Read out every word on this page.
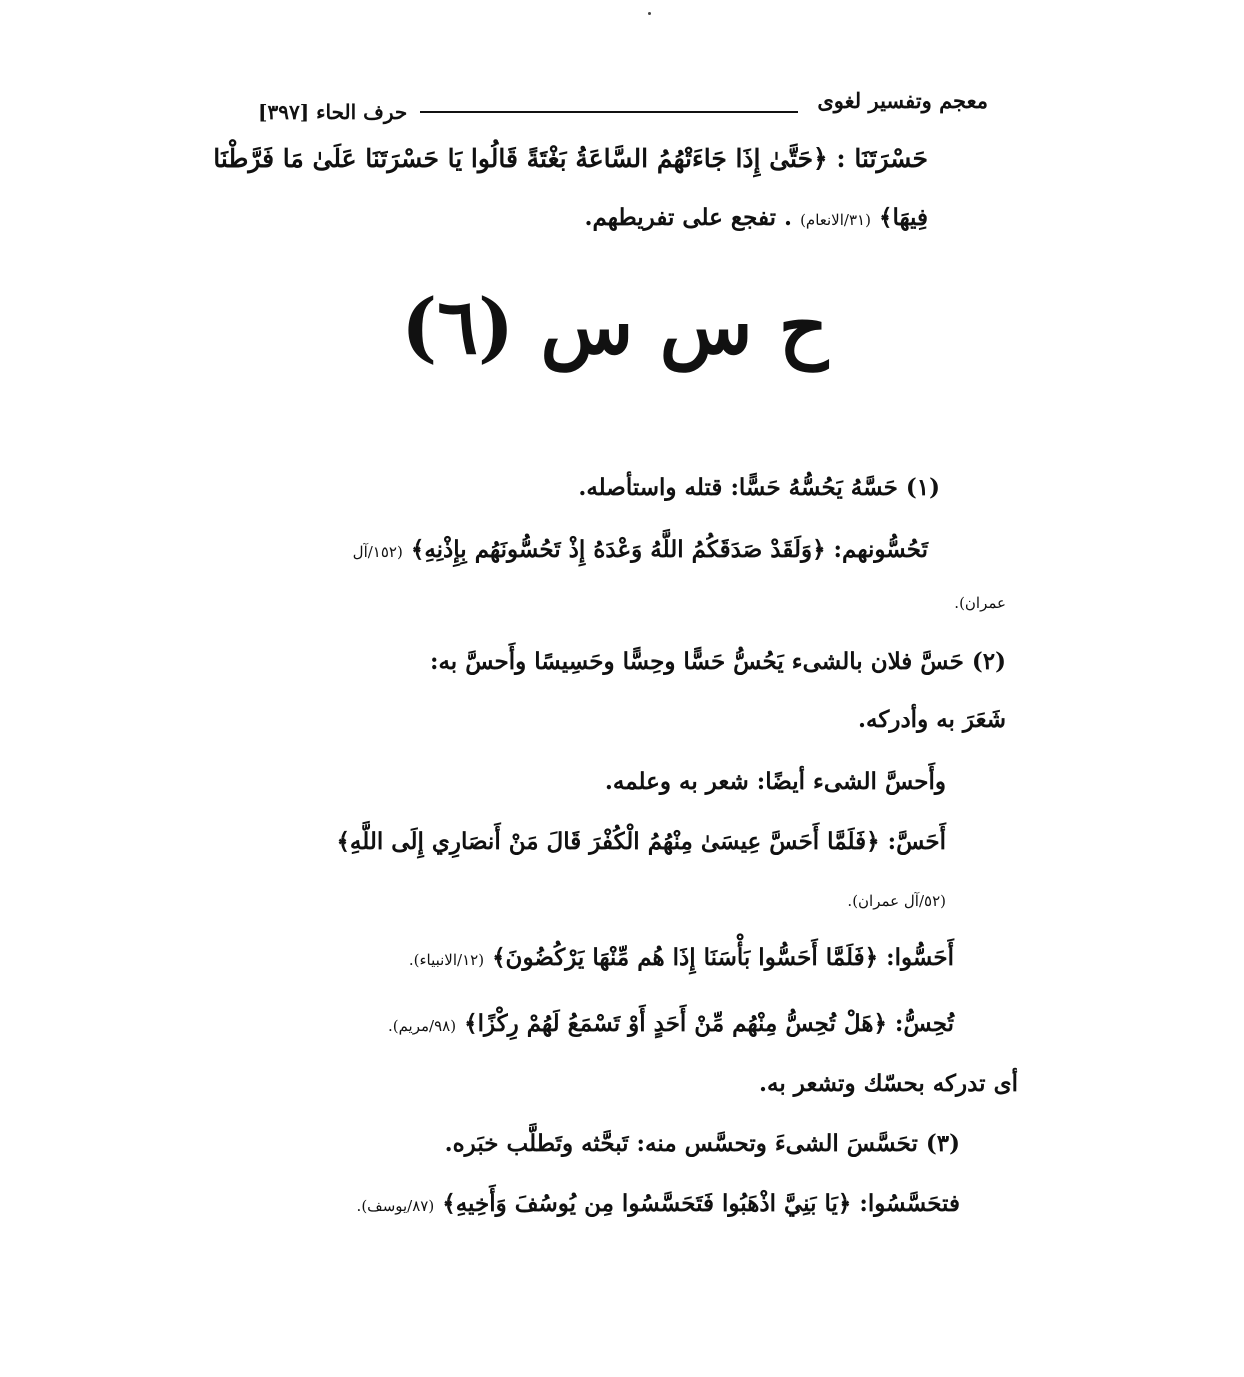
معجم وتفسير لغوى
حرف الحاء [٣٩٧]
حَسْرَتَنَا : ﴿حَتَّىٰ إِذَا جَاءَتْهُمُ السَّاعَةُ بَغْتَةً قَالُوا يَا حَسْرَتَنَا عَلَىٰ مَا فَرَّطْنَا
فِيهَا﴾ (٣١/الانعام) . تفجع على تفريطهم.
ح س س (٦)
(١) حَسَّهُ يَحُسُّهُ حَسًّا: قتله واستأصله.
تَحُسُّونهم: ﴿وَلَقَدْ صَدَقَكُمُ اللَّهُ وَعْدَهُ إِذْ تَحُسُّونَهُم بِإِذْنِهِ﴾ (١٥٢/آل
عمران).
(٢) حَسَّ فلان بالشىء يَحُسُّ حَسًّا وحِسًّا وحَسِيسًا وأَحسَّ به:
شَعَرَ به وأدركه.
وأَحسَّ الشىء أيضًا: شعر به وعلمه.
أَحَسَّ: ﴿فَلَمَّا أَحَسَّ عِيسَىٰ مِنْهُمُ الْكُفْرَ قَالَ مَنْ أَنصَارِي إِلَى اللَّهِ﴾
(٥٢/آل عمران).
أَحَسُّوا: ﴿فَلَمَّا أَحَسُّوا بَأْسَنَا إِذَا هُم مِّنْهَا يَرْكُضُونَ﴾ (١٢/الانبياء).
تُحِسُّ: ﴿هَلْ تُحِسُّ مِنْهُم مِّنْ أَحَدٍ أَوْ تَسْمَعُ لَهُمْ رِكْزًا﴾ (٩٨/مريم).
أى تدركه بحسّك وتشعر به.
(٣) تحَسَّسَ الشىءَ وتحسَّس منه: تَبحَّثه وتَطلَّب خبَره.
فتحَسَّسُوا: ﴿يَا بَنِيَّ اذْهَبُوا فَتَحَسَّسُوا مِن يُوسُفَ وَأَخِيهِ﴾ (٨٧/يوسف).
